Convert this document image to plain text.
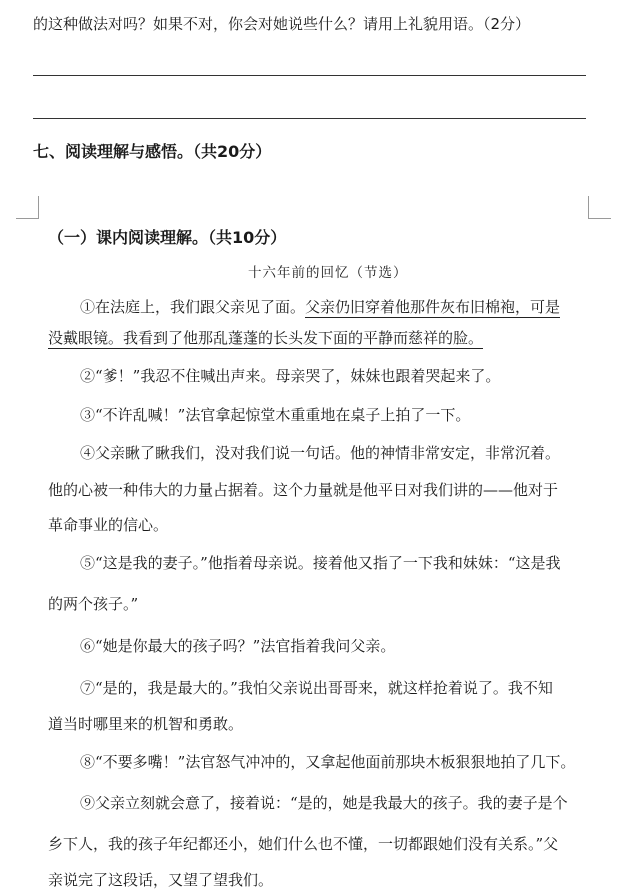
的这种做法对吗？如果不对，你会对她说些什么？请用上礼貌用语。（2分）
七、阅读理解与感悟。（共20分）
（一）课内阅读理解。（共10分）
十六年前的回忆（节选）
①在法庭上，我们跟父亲见了面。父亲仍旧穿着他那件灰布旧棉袍，可是
没戴眼镜。我看到了他那乱蓬蓬的长头发下面的平静而慈祥的脸。
②“爹！”我忍不住喊出声来。母亲哭了，妹妹也跟着哭起来了。
③“不许乱喊！”法官拿起惊堂木重重地在桌子上拍了一下。
④父亲瞅了瞅我们，没对我们说一句话。他的神情非常安定，非常沉着。
他的心被一种伟大的力量占据着。这个力量就是他平日对我们讲的——他对于
革命事业的信心。
⑤“这是我的妻子。”他指着母亲说。接着他又指了一下我和妹妹：“这是我
的两个孩子。”
⑥“她是你最大的孩子吗？”法官指着我问父亲。
⑦“是的，我是最大的。”我怕父亲说出哥哥来，就这样抢着说了。我不知
道当时哪里来的机智和勇敢。
⑧“不要多嘴！”法官怒气冲冲的，又拿起他面前那块木板狠狠地拍了几下。
⑨父亲立刻就会意了，接着说：“是的，她是我最大的孩子。我的妻子是个
乡下人，我的孩子年纪都还小，她们什么也不懂，一切都跟她们没有关系。”父
亲说完了这段话，又望了望我们。
